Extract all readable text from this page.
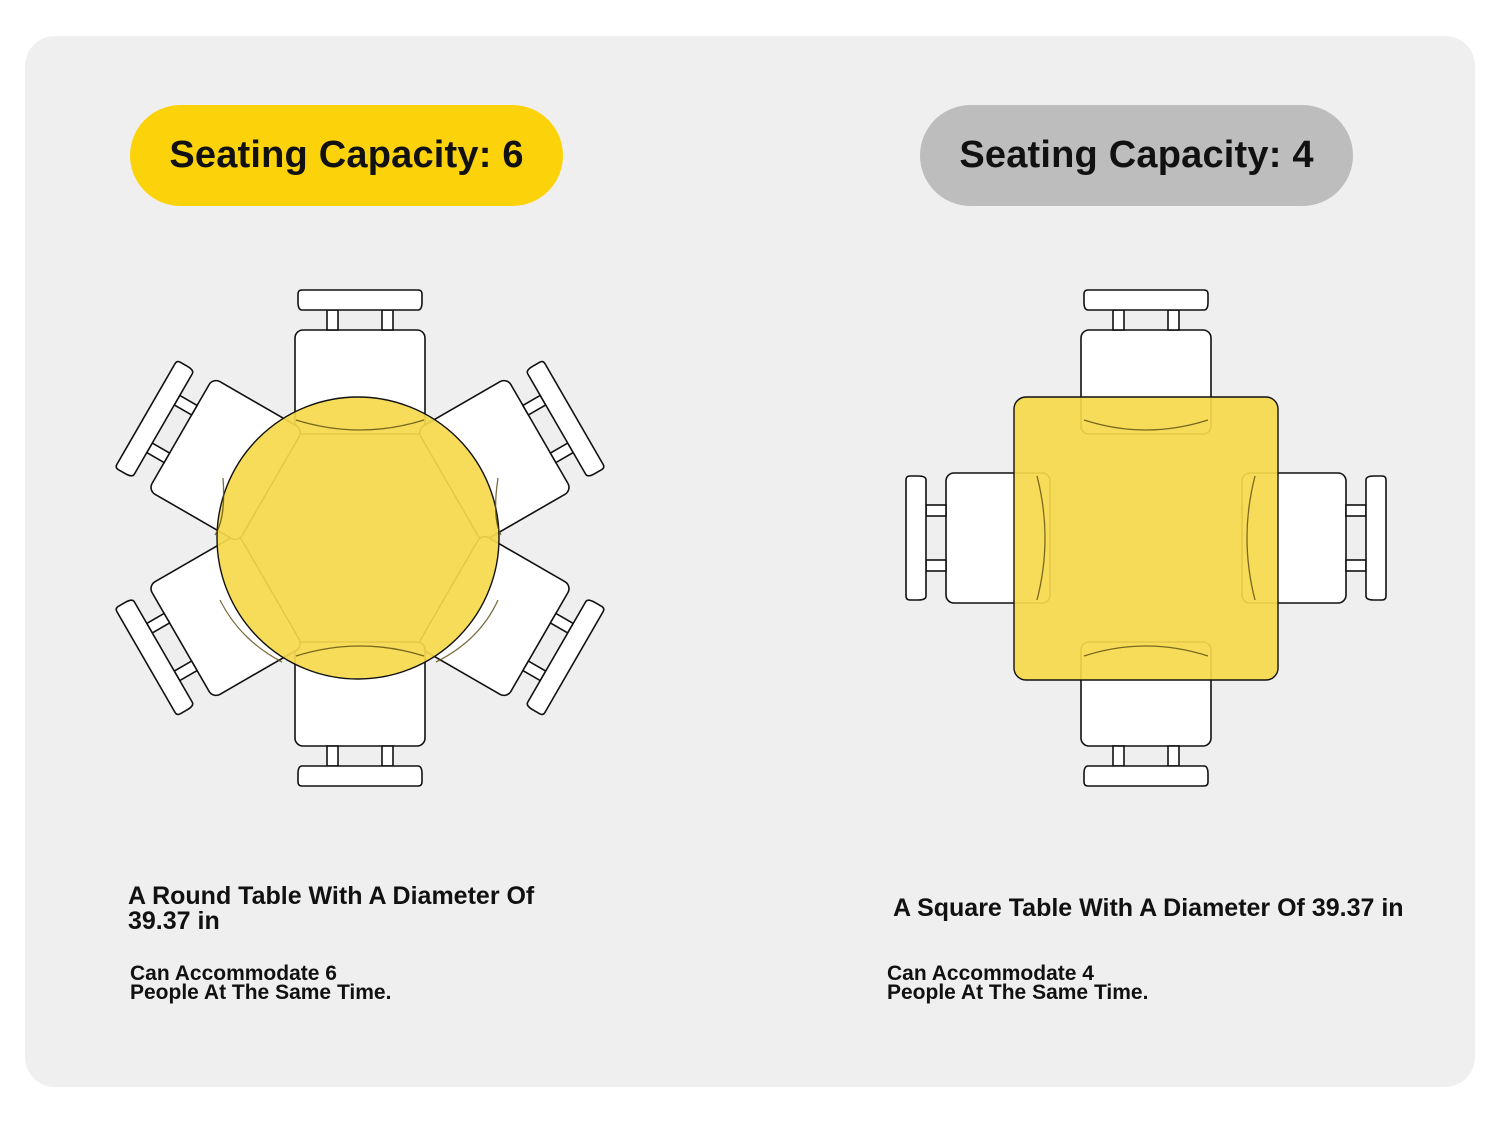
Seating Capacity: 6	Seating Capacity: 4
A Round Table With A Diameter Of
39.37 in
Can Accommodate 6
People At The Same Time.
A Square Table With A Diameter Of 39.37 in
Can Accommodate 4
People At The Same Time.
